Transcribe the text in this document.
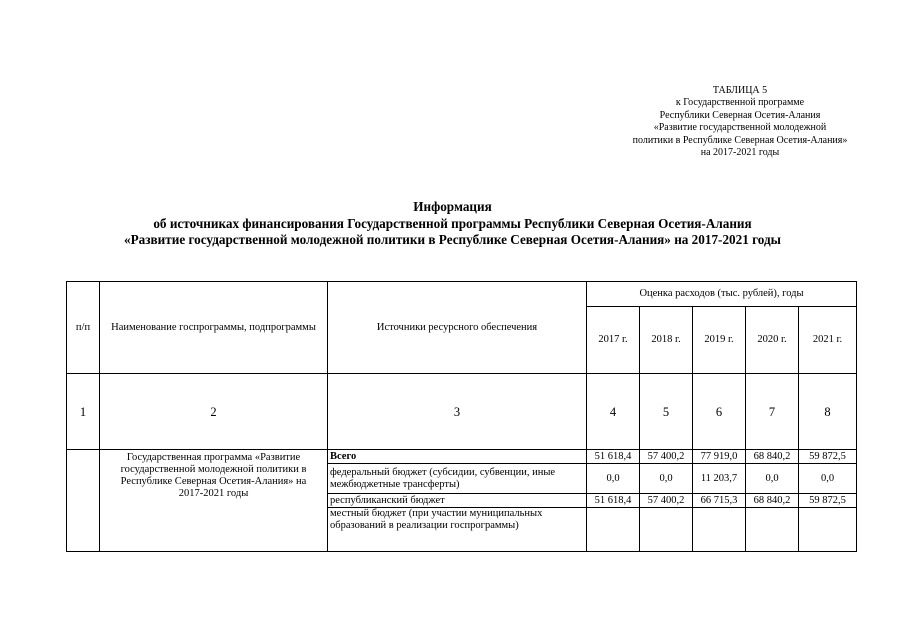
ТАБЛИЦА 5
к Государственной программе
Республики Северная Осетия-Алания
«Развитие государственной молодежной
политики в Республике Северная Осетия-Алания»
на 2017-2021 годы
Информация
об источниках финансирования Государственной программы Республики Северная Осетия-Алания
«Развитие государственной молодежной политики в Республике Северная Осетия-Алания» на 2017-2021 годы
п/п	Наименование госпрограммы, подпрограммы	Источники ресурсного обеспечения	Оценка расходов (тыс. рублей), годы				
			2017 г.	2018 г.	2019 г.	2020 г.	2021 г.
1	2	3	4	5	6	7	8
	Государственная программа «Развитие государственной молодежной политики в Республике Северная Осетия-Алания» на 2017-2021 годы	Всего	51 618,4	57 400,2	77 919,0	68 840,2	59 872,5
		федеральный бюджет (субсидии, субвенции, иные межбюджетные трансферты)	0,0	0,0	11 203,7	0,0	0,0
		республиканский бюджет	51 618,4	57 400,2	66 715,3	68 840,2	59 872,5
		местный бюджет (при участии муниципальных образований в реализации госпрограммы)					
